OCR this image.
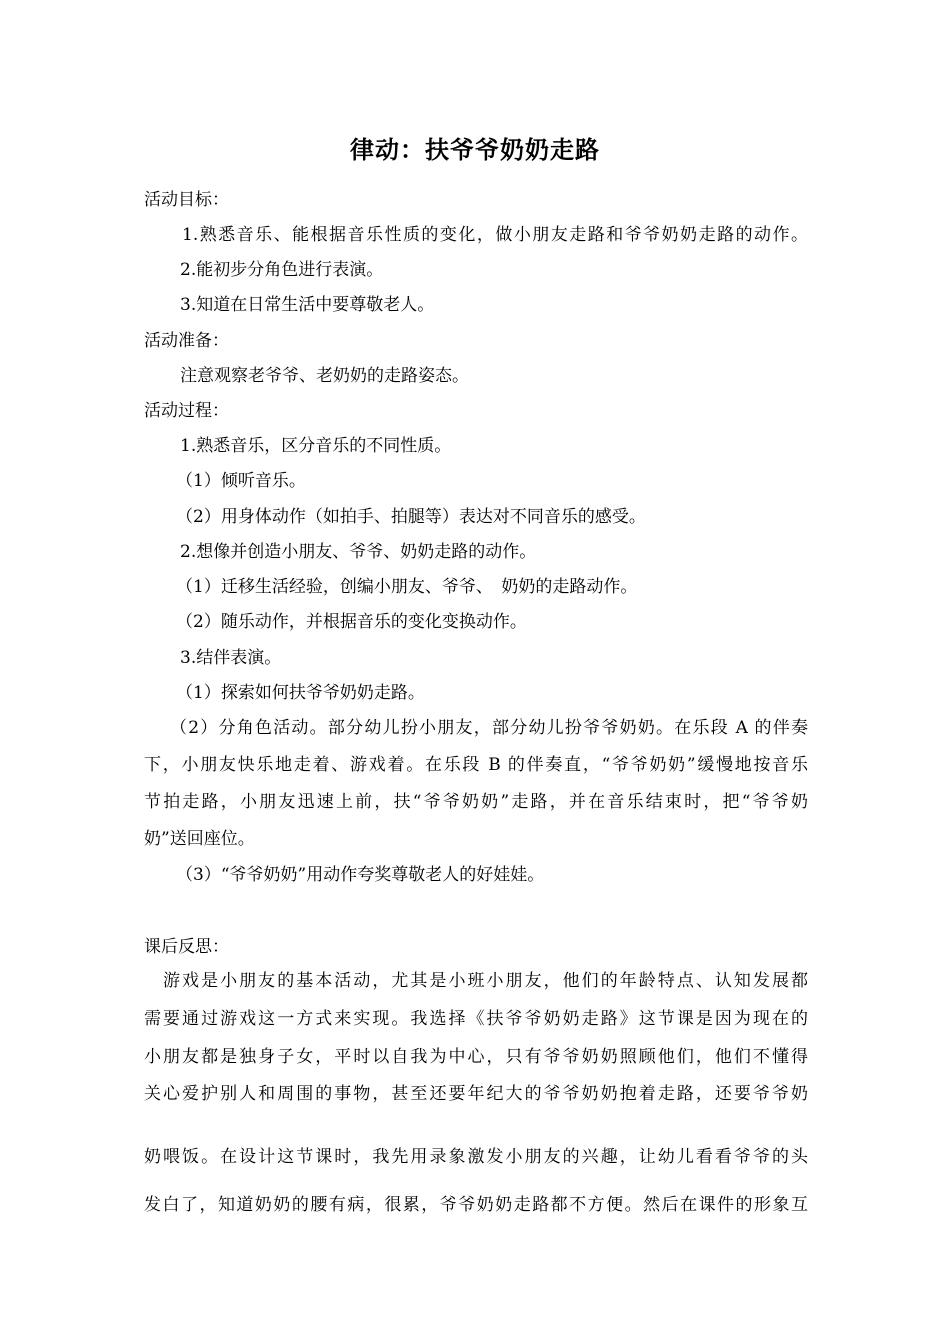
律动：扶爷爷奶奶走路
活动目标：
1.熟悉音乐、能根据音乐性质的变化，做小朋友走路和爷爷奶奶走路的动作。
2.能初步分角色进行表演。
3.知道在日常生活中要尊敬老人。
活动准备：
注意观察老爷爷、老奶奶的走路姿态。
活动过程：
1.熟悉音乐，区分音乐的不同性质。
（1）倾听音乐。
（2）用身体动作（如拍手、拍腿等）表达对不同音乐的感受。
2.想像并创造小朋友、爷爷、奶奶走路的动作。
（1）迁移生活经验，创编小朋友、爷爷、　奶奶的走路动作。
（2）随乐动作，并根据音乐的变化变换动作。
3.结伴表演。
（1）探索如何扶爷爷奶奶走路。
（2）分角色活动。部分幼儿扮小朋友，部分幼儿扮爷爷奶奶。在乐段 A 的伴奏
下，小朋友快乐地走着、游戏着。在乐段 B 的伴奏直，“爷爷奶奶”缓慢地按音乐
节拍走路，小朋友迅速上前，扶“爷爷奶奶”走路，并在音乐结束时，把“爷爷奶
奶”送回座位。
（3）“爷爷奶奶”用动作夸奖尊敬老人的好娃娃。
课后反思：
　游戏是小朋友的基本活动，尤其是小班小朋友，他们的年龄特点、认知发展都
需要通过游戏这一方式来实现。我选择《扶爷爷奶奶走路》这节课是因为现在的
小朋友都是独身子女，平时以自我为中心，只有爷爷奶奶照顾他们，他们不懂得
关心爱护别人和周围的事物，甚至还要年纪大的爷爷奶奶抱着走路，还要爷爷奶
奶喂饭。在设计这节课时，我先用录象激发小朋友的兴趣，让幼儿看看爷爷的头
发白了，知道奶奶的腰有病，很累，爷爷奶奶走路都不方便。然后在课件的形象互
